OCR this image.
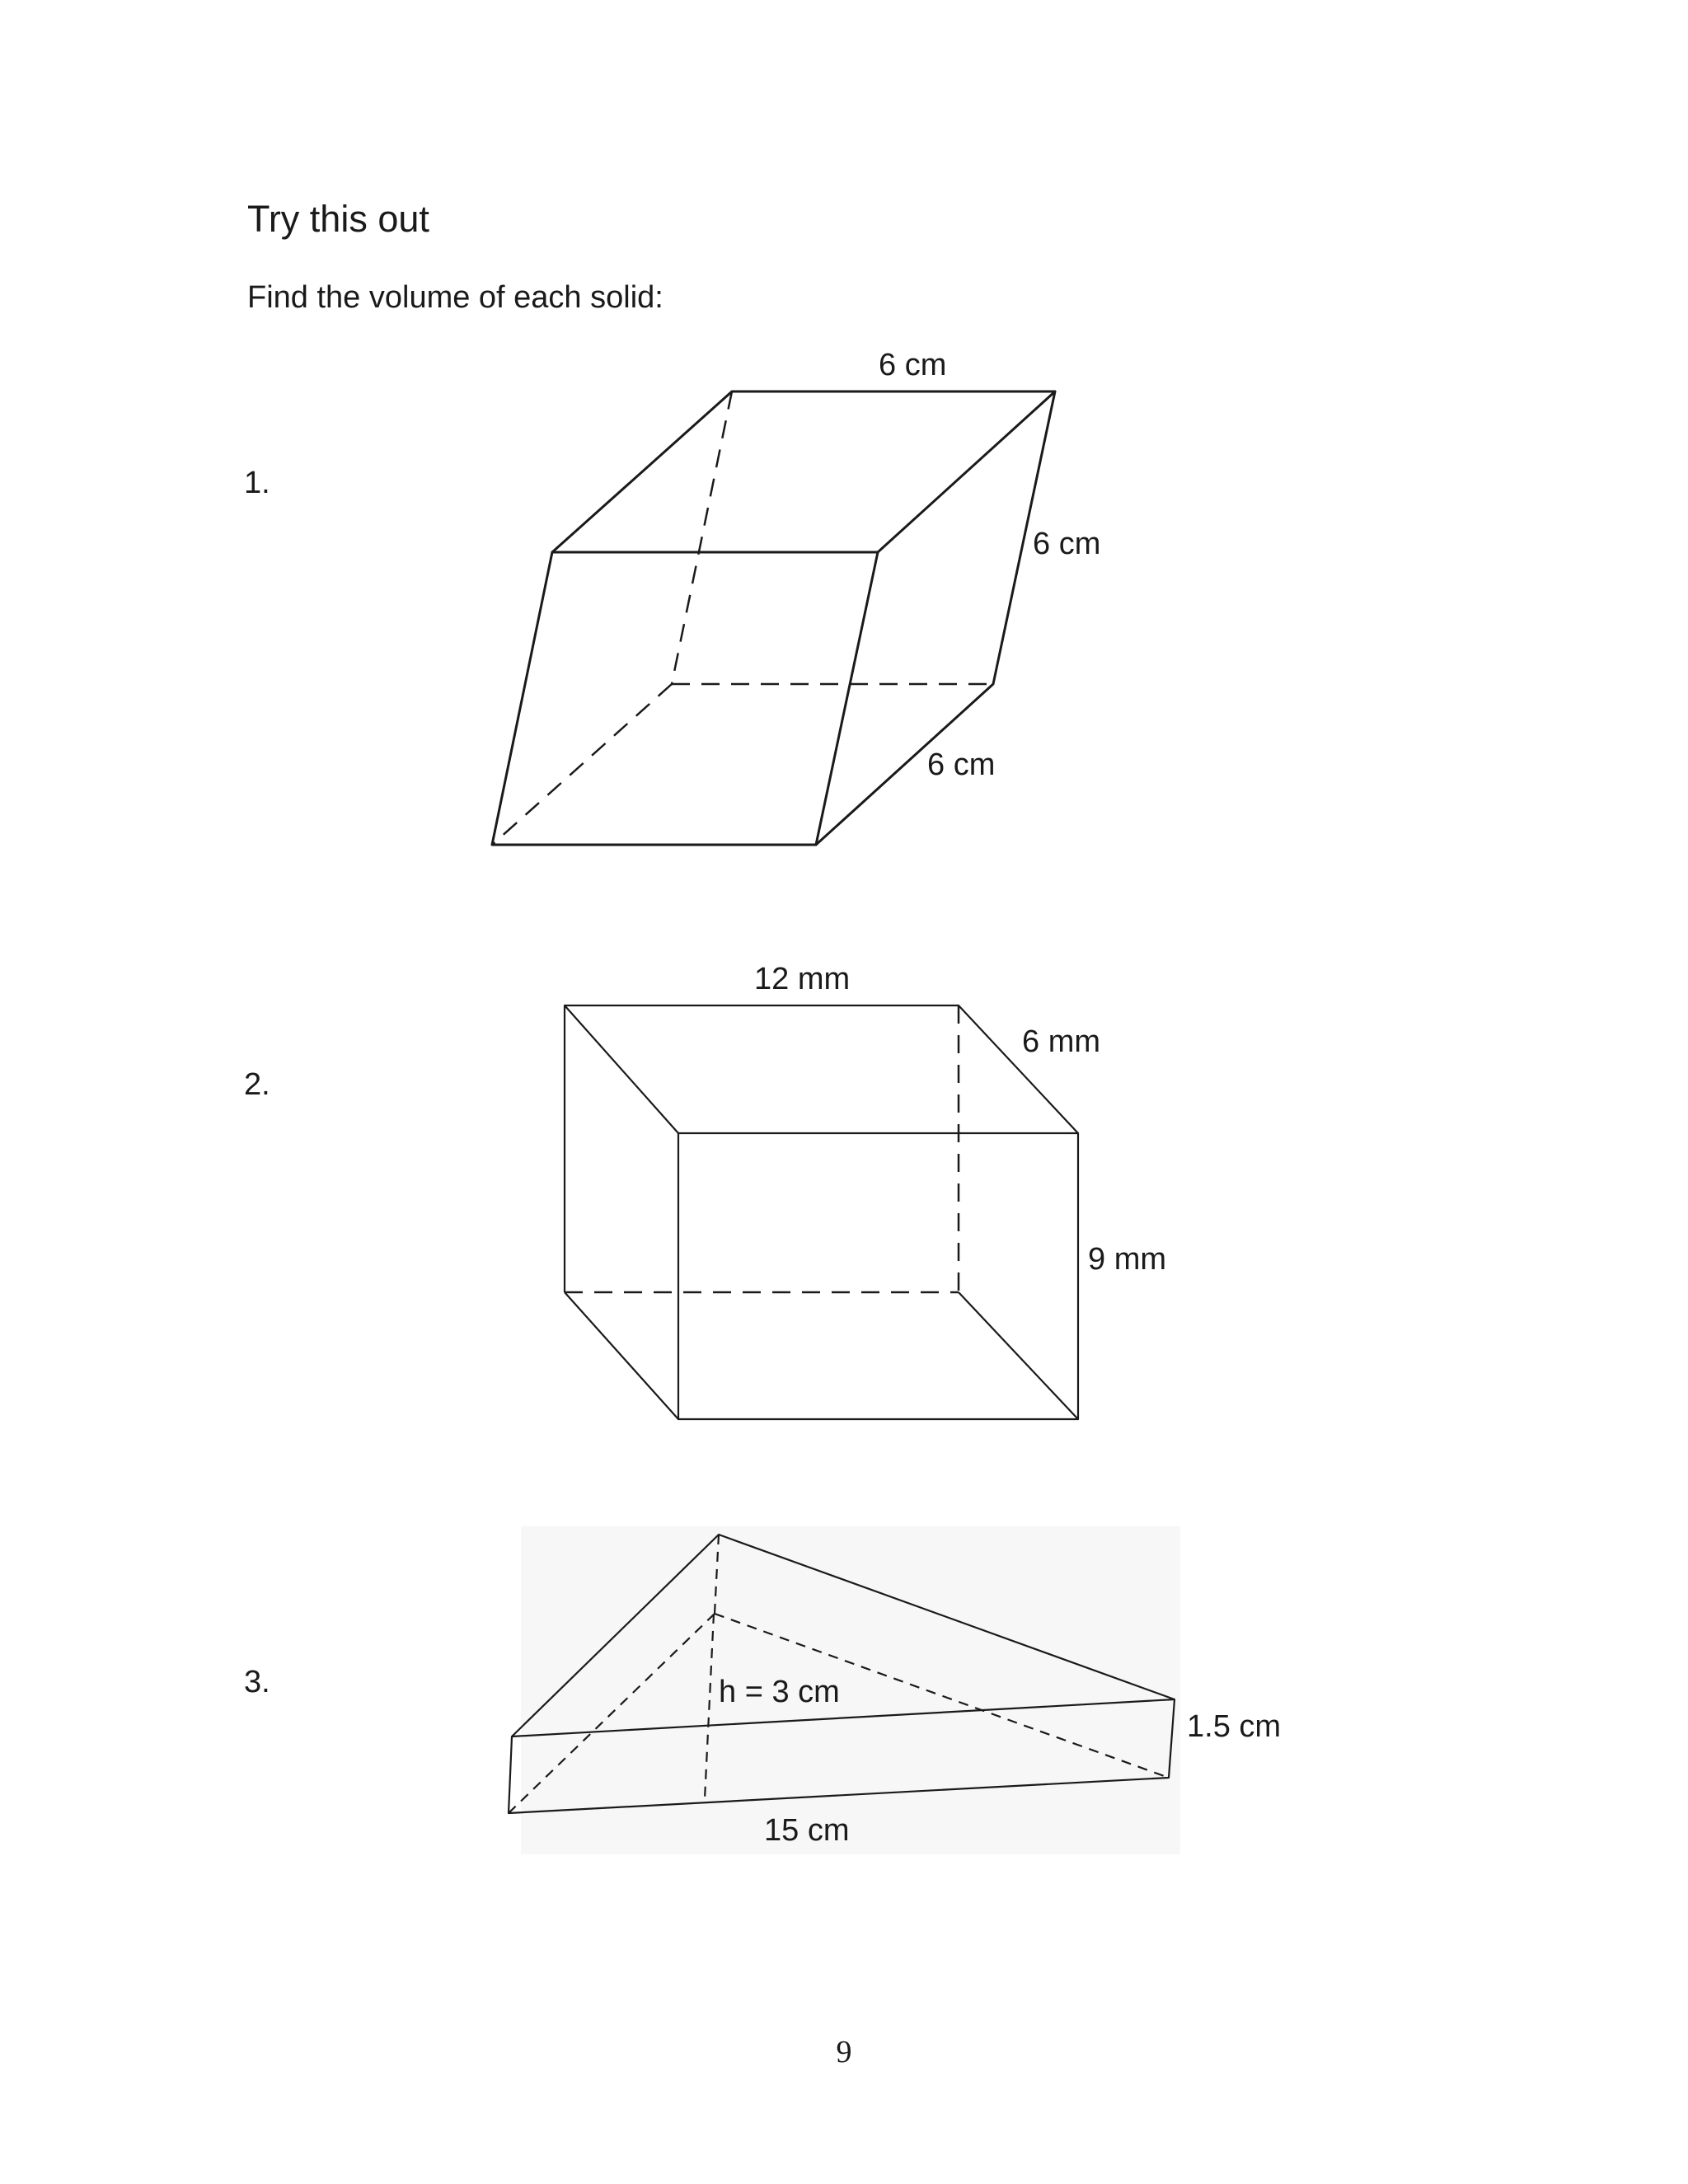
Try this out
Find the volume of each solid:
1.
2.
3.
6 cm
6 cm
6 cm
12 mm
6 mm
9 mm
h = 3 cm
1.5 cm
15 cm
9
